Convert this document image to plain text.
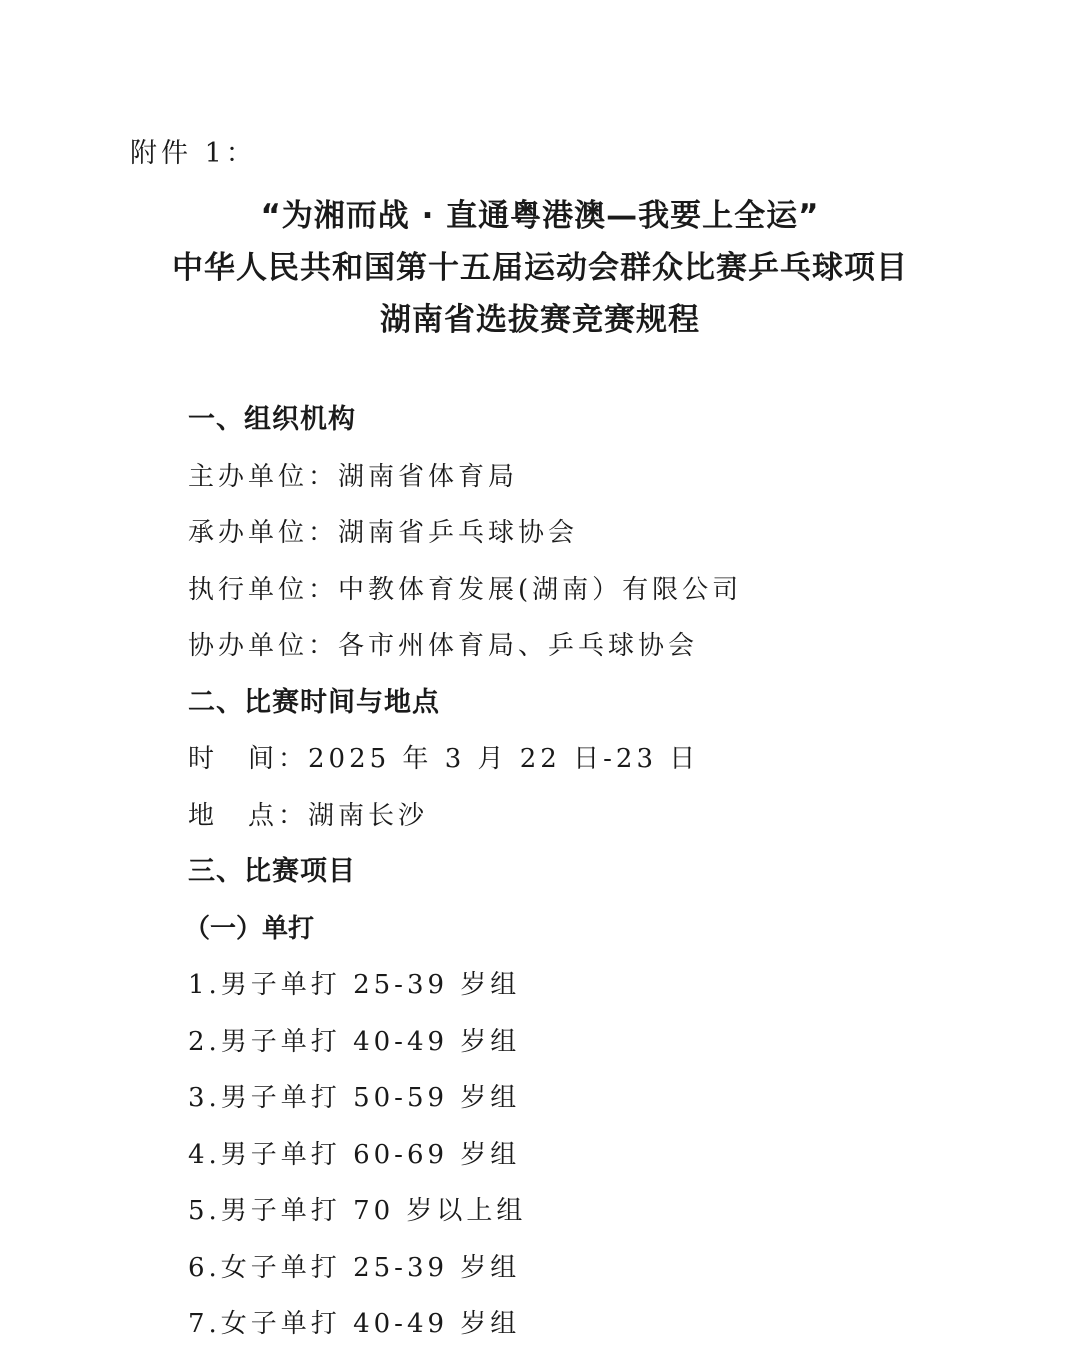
附件 1：
“为湘而战 · 直通粤港澳—我要上全运”
中华人民共和国第十五届运动会群众比赛乒乓球项目
湖南省选拔赛竞赛规程
一、组织机构
主办单位：湖南省体育局
承办单位：湖南省乒乓球协会
执行单位：中教体育发展(湖南）有限公司
协办单位：各市州体育局、乒乓球协会
二、比赛时间与地点
时　间：2025 年 3 月 22 日-23 日
地　点：湖南长沙
三、比赛项目
（一）单打
1.男子单打 25-39 岁组
2.男子单打 40-49 岁组
3.男子单打 50-59 岁组
4.男子单打 60-69 岁组
5.男子单打 70 岁以上组
6.女子单打 25-39 岁组
7.女子单打 40-49 岁组
